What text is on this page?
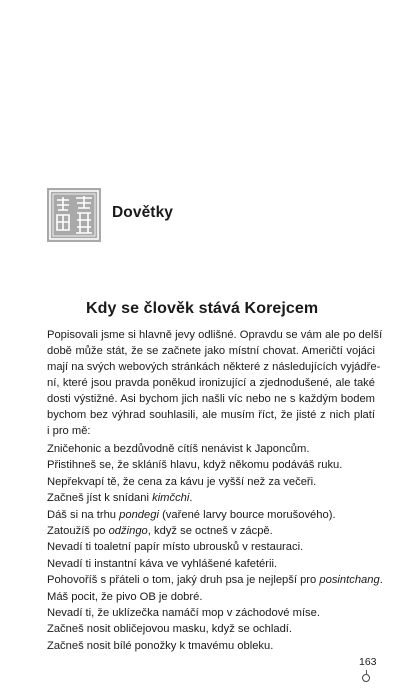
Dovětky
Kdy se člověk stává Korejcem

Popisovali jsme si hlavně jevy odlišné. Opravdu se vám ale po delší
době může stát, že se začnete jako místní chovat. Američtí vojáci
mají na svých webových stránkách některé z následujících vyjádře-
ní, které jsou pravda poněkud ironizující a zjednodušené, ale také
dosti výstižné. Asi bychom jich našli víc nebo ne s každým bodem
bychom bez výhrad souhlasili, ale musím říct, že jisté z nich platí
i pro mě:

Zničehonic a bezdůvodně cítíš nenávist k Japoncům.
Přistihneš se, že skláníš hlavu, když někomu podáváš ruku.
Nepřekvapí tě, že cena za kávu je vyšší než za večeři.
Začneš jíst k snídani kimčchi.
Dáš si na trhu pondegi (vařené larvy bource morušového).
Zatoužíš po odžingo, když se octneš v zácpě.
Nevadí ti toaletní papír místo ubrousků v restauraci.
Nevadí ti instantní káva ve vyhlášené kafetérii.
Pohovoříš s přáteli o tom, jaký druh psa je nejlepší pro posintchang.
Máš pocit, že pivo OB je dobré.
Nevadí ti, že uklízečka namáčí mop v záchodové míse.
Začneš nosit obličejovou masku, když se ochladí.
Začneš nosit bílé ponožky k tmavému obleku.
163
